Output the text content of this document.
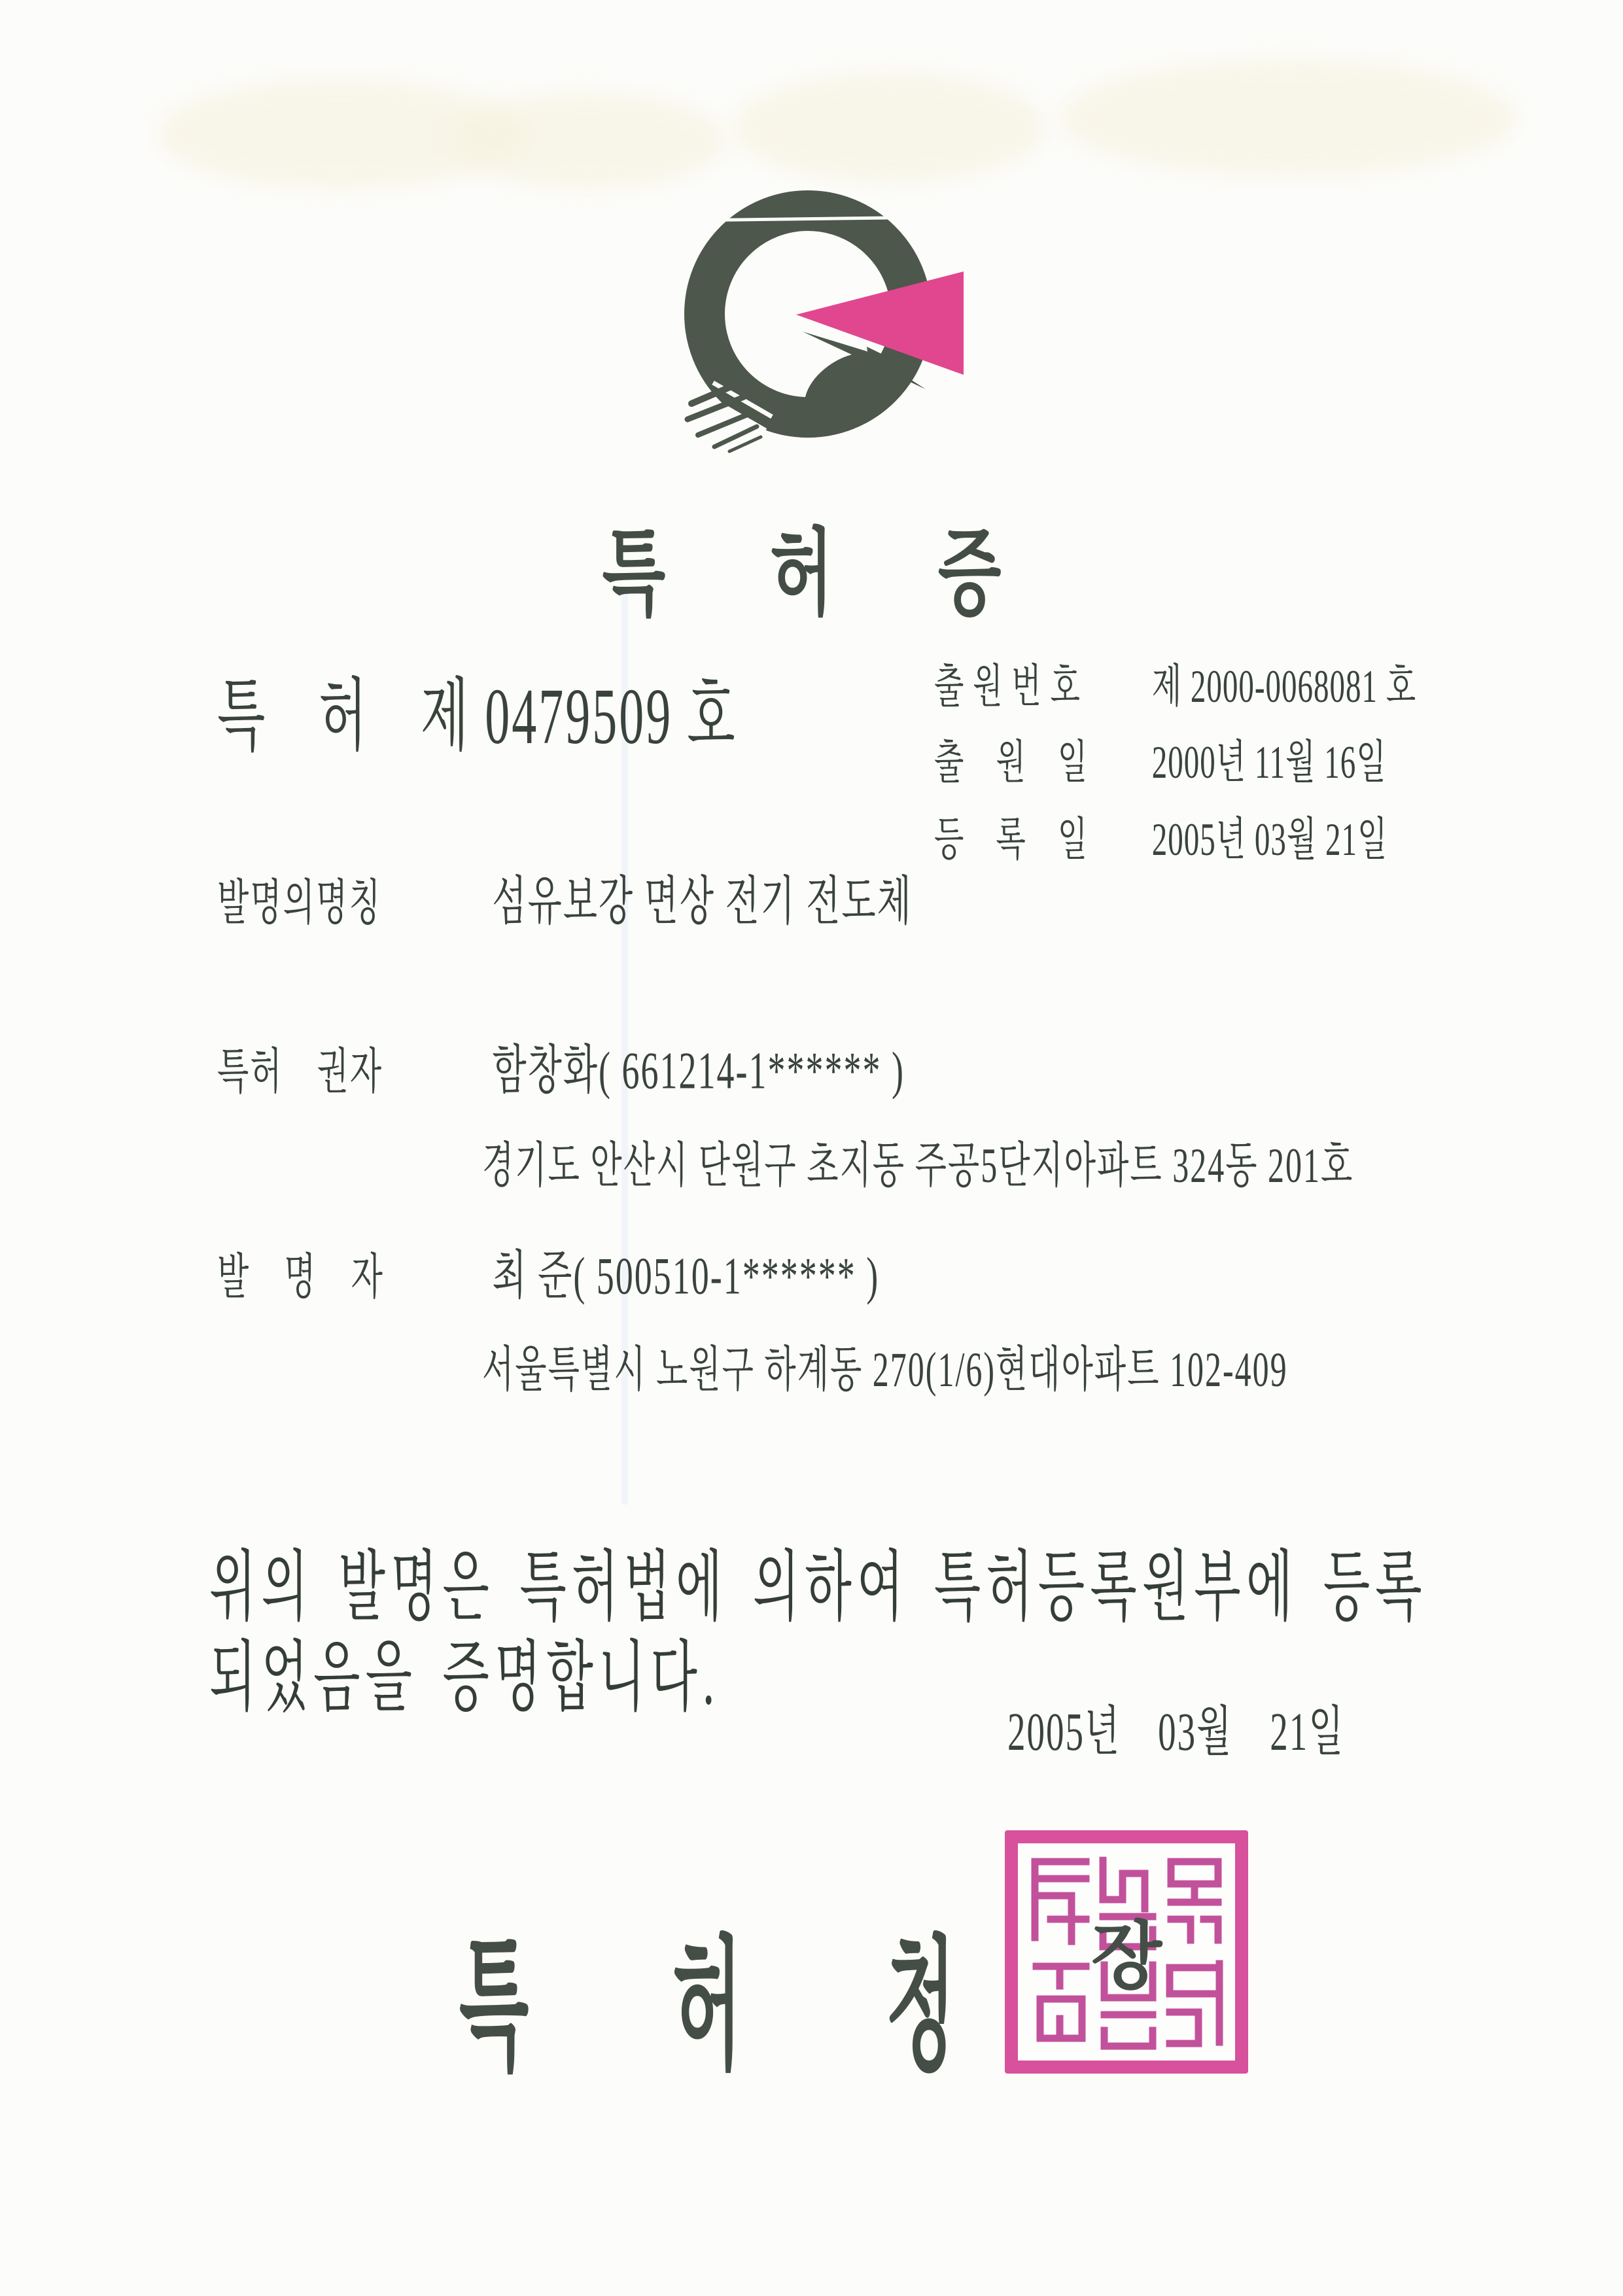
특　허　증
특　허　제 0479509 호	출 원 번 호 제 2000-0068081 호
출　원　일 2000년 11월 16일
등　록　일 2005년 03월 21일
발명의명칭	섬유보강 면상 전기 전도체
특허　권자	함창화( 661214-1****** )
경기도 안산시 단원구 초지동 주공5단지아파트 324동 201호
발　명　자	최 준( 500510-1****** )
서울특별시 노원구 하계동 270(1/6)현대아파트 102-409
위의 발명은 특허법에 의하여 특허등록원부에 등록
되었음을 증명합니다.
2005년　03월　21일
특　　허　　청 장
